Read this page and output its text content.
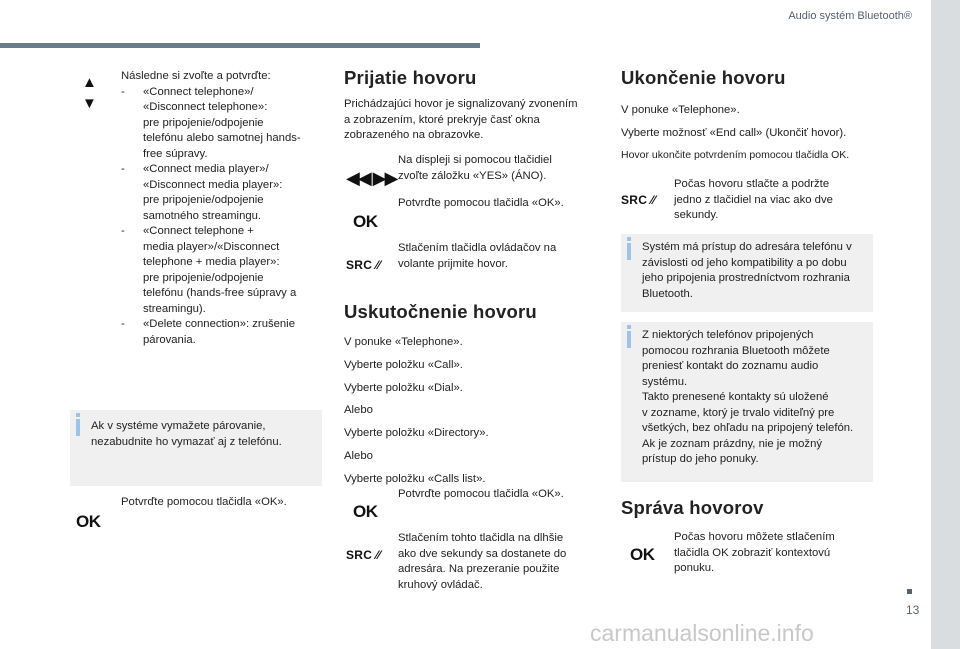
Audio systém Bluetooth®
13
▲
▼
Následne si zvoľte a potvrďte:
- «Connect telephone»/
«Disconnect telephone»:
pre pripojenie/odpojenie
telefónu alebo samotnej hands-
free súpravy.
- «Connect media player»/
«Disconnect media player»:
pre pripojenie/odpojenie
samotného streamingu.
- «Connect telephone +
media player»/«Disconnect
telephone + media player»:
pre pripojenie/odpojenie
telefónu (hands-free súpravy a
streamingu).
- «Delete connection»: zrušenie
párovania.
Ak v systéme vymažete párovanie,
nezabudnite ho vymazať aj z telefónu.
OK
Potvrďte pomocou tlačidla «OK».
Prijatie hovoru
Prichádzajúci hovor je signalizovaný zvonením
a zobrazením, ktoré prekryje časť okna
zobrazeného na obrazovke.
◀◀ ▶▶
Na displeji si pomocou tlačidiel
zvoľte záložku «YES» (ÁNO).
OK
Potvrďte pomocou tlačidla «OK».
SRC ⁄⁄
Stlačením tlačidla ovládačov na
volante prijmite hovor.
Uskutočnenie hovoru
V ponuke «Telephone».
Vyberte položku «Call».
Vyberte položku «Dial».
Alebo
Vyberte položku «Directory».
Alebo
Vyberte položku «Calls list».
OK
Potvrďte pomocou tlačidla «OK».
SRC ⁄⁄
Stlačením tohto tlačidla na dlhšie
ako dve sekundy sa dostanete do
adresára. Na prezeranie použite
kruhový ovládač.
Ukončenie hovoru
V ponuke «Telephone».
Vyberte možnosť «End call» (Ukončiť hovor).
Hovor ukončite potvrdením pomocou tlačidla OK.
SRC ⁄⁄
Počas hovoru stlačte a podržte
jedno z tlačidiel na viac ako dve
sekundy.
Systém má prístup do adresára telefónu v
závislosti od jeho kompatibility a po dobu
jeho pripojenia prostredníctvom rozhrania
Bluetooth.
Z niektorých telefónov pripojených
pomocou rozhrania Bluetooth môžete
preniesť kontakt do zoznamu audio
systému.
Takto prenesené kontakty sú uložené
v zozname, ktorý je trvalo viditeľný pre
všetkých, bez ohľadu na pripojený telefón.
Ak je zoznam prázdny, nie je možný
prístup do jeho ponuky.
Správa hovorov
OK
Počas hovoru môžete stlačením
tlačidla OK zobraziť kontextovú
ponuku.
carmanualsonline.info
